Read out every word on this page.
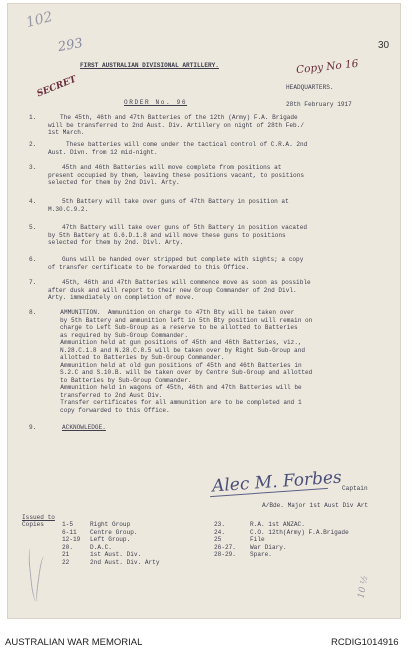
102
293	30
Copy No 16
SECRET
10 ½
FIRST AUSTRALIAN DIVISIONAL ARTILLERY.
HEADQUARTERS.
ORDER No. 96	28th February 1917
1.	The 45th, 46th and 47th Batteries of the 12th (Army) F.A. Brigade
will be transferred to 2nd Aust. Div. Artillery on night of 28th Feb./
1st March.
2.	These batteries will come under the tactical control of C.R.A. 2nd
Aust. Divn. from 12 mid-night.
3.	45th and 46th Batteries will move complete from positions at
present occupied by them, leaving these positions vacant, to positions
selected for them by 2nd Divl. Arty.
4.	5th Battery will take over guns of 47th Battery in position at
M.30.C.9.2.
5.	47th Battery will take over guns of 5th Battery in position vacated
by 5th Battery at G.6.D.1.8 and will move these guns to positions
selected for them by 2nd. Divl. Arty.
6.	Guns will be handed over stripped but complete with sights; a copy
of transfer certificate to be forwarded to this Office.
7.	45th, 46th and 47th Batteries will commence move as soon as possible
after dusk and will report to their new Group Commander of 2nd Divl.
Arty. immediately on completion of move.
8. AMMUNITION.  Ammunition on charge to 47th Bty will be taken over
by 5th Battery and ammunition left in 5th Bty position will remain on
charge to Left Sub-Group as a reserve to be allotted to Batteries
as required by Sub-Group Commander.
Ammunition held at gun positions of 45th and 46th Batteries, viz.,
N.28.C.1.8 and N.28.C.8.5 will be taken over by Right Sub-Group and
allotted to Batteries by Sub-Group Commander.
Ammunition held at old gun positions of 45th and 46th Batteries in
S.2.C and S.10.B. will be taken over by Centre Sub-Group and allotted
to Batteries by Sub-Group Commander.
Ammunition held in wagons of 45th, 46th and 47th Batteries will be
transferred to 2nd Aust Div.
Transfer certificates for all ammunition are to be completed and 1
copy forwarded to this Office.
9.	ACKNOWLEDGE.
Alec M. Forbes Captain
A/Bde. Major 1st Aust Div Art
Issued to
Copies	1-5	Right Group
6-11 Centre Group.
12-19 Left Group.
20.	D.A.C.
21	1st Aust. Div.
22	2nd Aust. Div. Arty
23.	R.A. 1st ANZAC.
24.	C.O. 12th(Army) F.A.Brigade
25	File
26-27. War Diary.
28-29. Spare.
AUSTRALIAN WAR MEMORIAL	RCDIG1014916
